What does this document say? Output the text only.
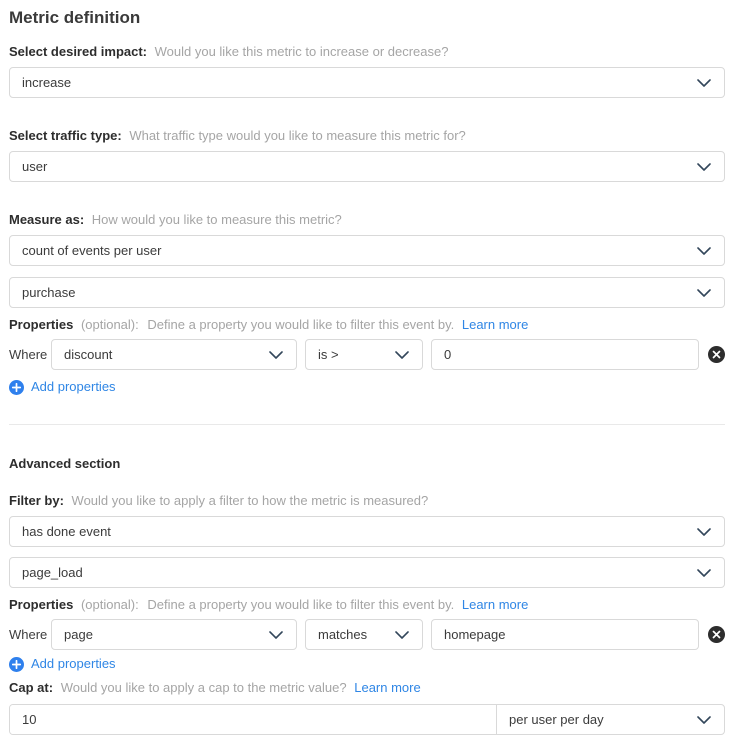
Metric definition
Select desired impact: Would you like this metric to increase or decrease?
increase
Select traffic type: What traffic type would you like to measure this metric for?
user
Measure as: How would you like to measure this metric?
count of events per user
purchase
Properties (optional): Define a property you would like to filter this event by. Learn more
Where discount	is >
0
Add properties
Advanced section
Filter by: Would you like to apply a filter to how the metric is measured?
has done event
page_load
Properties (optional): Define a property you would like to filter this event by. Learn more
Where page	matches
homepage
Add properties
Cap at: Would you like to apply a cap to the metric value? Learn more
10
per user per day
